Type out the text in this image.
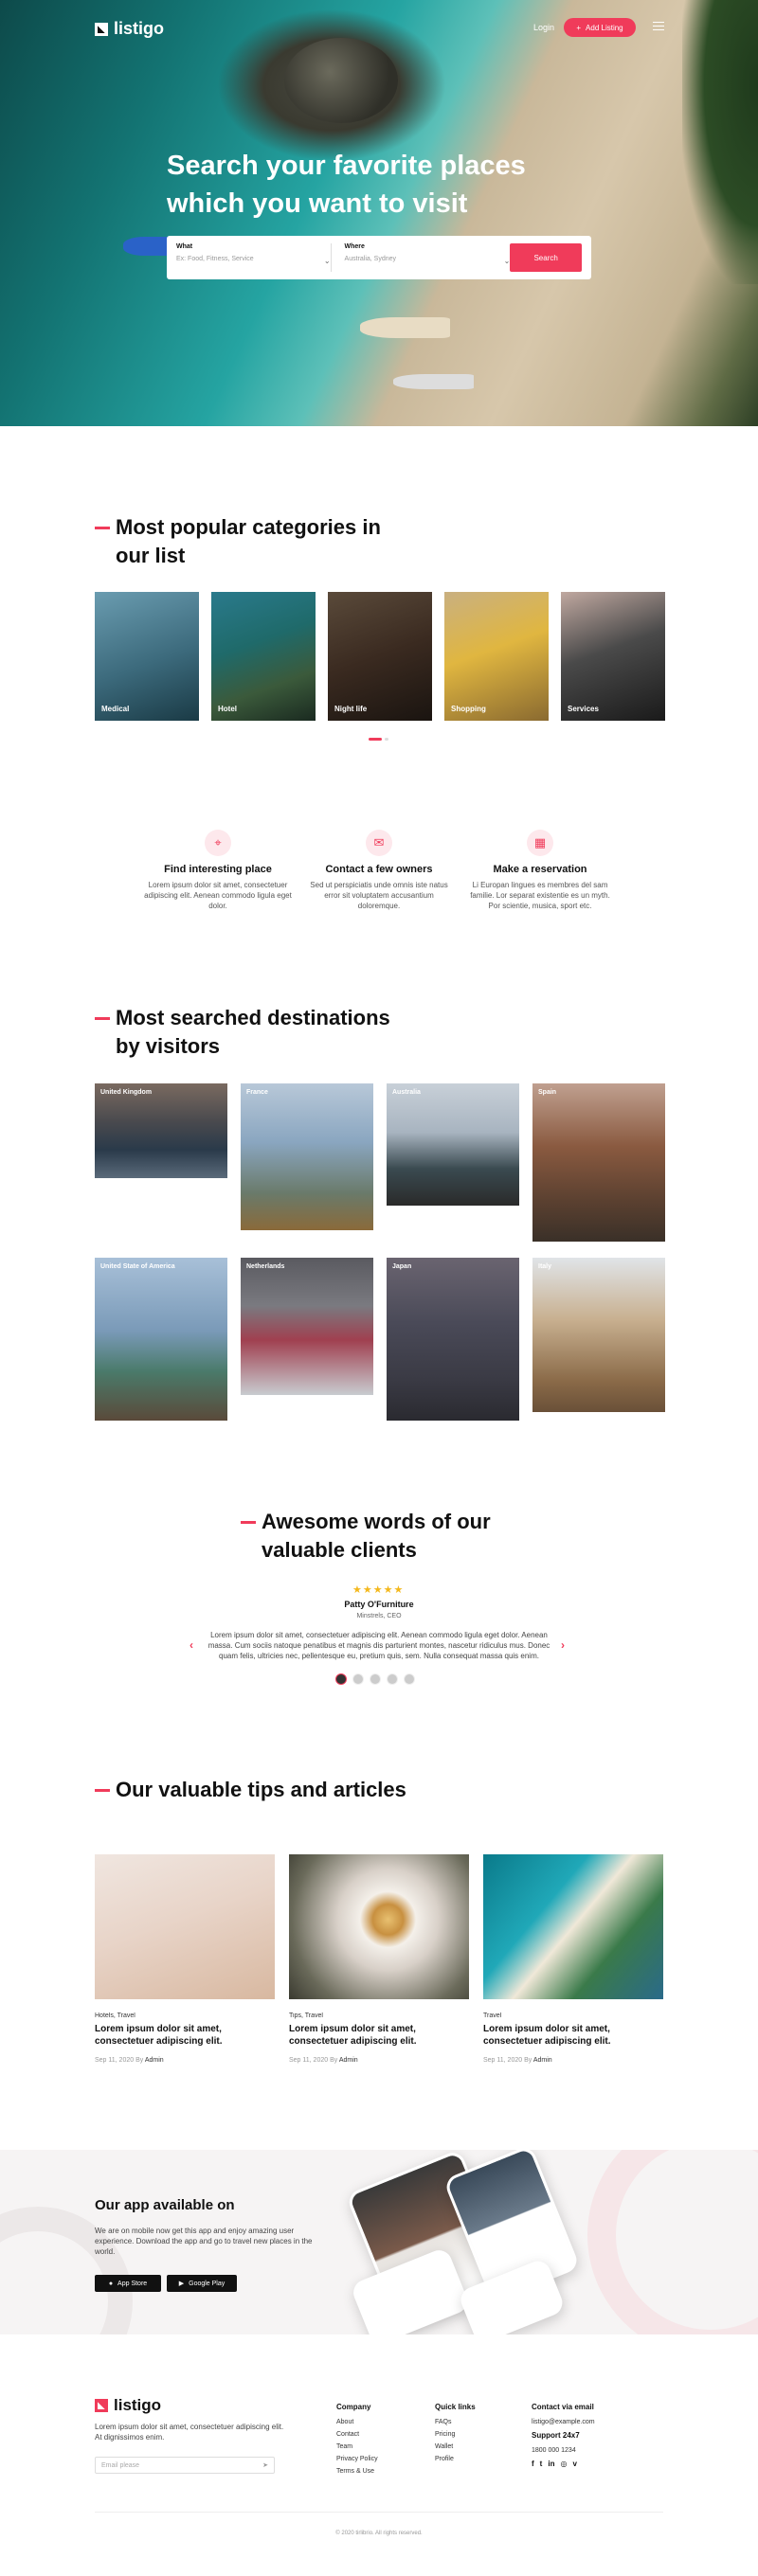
listigo	Login	+ Add Listing
Search your favorite places which you want to visit
What
Ex: Food, Fitness, Service	⌄
Where
Australia, Sydney	⌄	Search
Most popular categories in our list
Medical	Hotel	Night life	Shopping	Services
⌖
Find interesting place
Lorem ipsum dolor sit amet, consectetuer adipiscing elit. Aenean commodo ligula eget dolor.
✉
Contact a few owners
Sed ut perspiciatis unde omnis iste natus error sit voluptatem accusantium doloremque.
▦
Make a reservation
Li Europan lingues es membres del sam familie. Lor separat existentie es un myth. Por scientie, musica, sport etc.
Most searched destinations by visitors
United Kingdom	France	Australia	Spain
United State of America	Netherlands	Japan	Italy
Awesome words of our valuable clients
★★★★★
Patty O'Furniture
Minstrels, CEO
Lorem ipsum dolor sit amet, consectetuer adipiscing elit. Aenean commodo ligula eget dolor. Aenean massa. Cum sociis natoque penatibus et magnis dis parturient montes, nascetur ridiculus mus. Donec quam felis, ultricies nec, pellentesque eu, pretium quis, sem. Nulla consequat massa quis enim.
‹	›
Our valuable tips and articles
Hotels, Travel
Lorem ipsum dolor sit amet, consectetuer adipiscing elit.
Sep 11, 2020 By Admin
Tips, Travel
Lorem ipsum dolor sit amet, consectetuer adipiscing elit.
Sep 11, 2020 By Admin
Travel
Lorem ipsum dolor sit amet, consectetuer adipiscing elit.
Sep 11, 2020 By Admin
Our app available on
We are on mobile now get this app and enjoy amazing user experience. Download the app and go to travel new places in the world.
● App Store	▶ Google Play
listigo
Lorem ipsum dolor sit amet, consectetuer adipiscing elit. At dignissimos enim.
Email please	➤
Company
About
Contact
Team
Privacy Policy
Terms & Use
Quick links
FAQs
Pricing
Wallet
Profile
Contact via email
listigo@example.com
Support 24x7
1800 000 1234
f t in ◎ v
© 2020 tirlibrio. All rights reserved.
